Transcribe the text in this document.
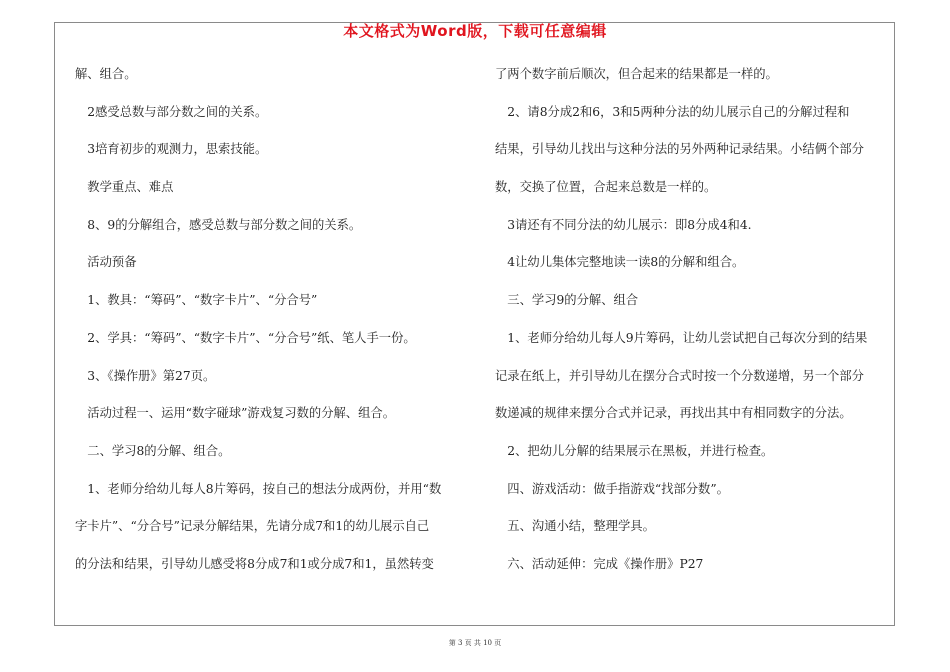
本文格式为Word版，下载可任意编辑
解、组合。
　2感受总数与部分数之间的关系。
　3培育初步的观测力，思索技能。
　教学重点、难点
　8、9的分解组合，感受总数与部分数之间的关系。
　活动预备
　1、教具：“筹码”、“数字卡片”、“分合号”
　2、学具：“筹码”、“数字卡片”、“分合号”纸、笔人手一份。
　3、《操作册》第27页。
　活动过程一、运用“数字碰球”游戏复习数的分解、组合。
　二、学习8的分解、组合。
　1、老师分给幼儿每人8片筹码，按自己的想法分成两份，并用“数
字卡片”、“分合号”记录分解结果，先请分成7和1的幼儿展示自己
的分法和结果，引导幼儿感受将8分成7和1或分成7和1，虽然转变
了两个数字前后顺次，但合起来的结果都是一样的。
　2、请8分成2和6，3和5两种分法的幼儿展示自己的分解过程和
结果，引导幼儿找出与这种分法的另外两种记录结果。小结俩个部分
数，交换了位置，合起来总数是一样的。
　3请还有不同分法的幼儿展示：即8分成4和4.
　4让幼儿集体完整地读一读8的分解和组合。
　三、学习9的分解、组合
　1、老师分给幼儿每人9片筹码，让幼儿尝试把自己每次分到的结果
记录在纸上，并引导幼儿在摆分合式时按一个分数递增，另一个部分
数递减的规律来摆分合式并记录，再找出其中有相同数字的分法。
　2、把幼儿分解的结果展示在黑板，并进行检查。
　四、游戏活动：做手指游戏“找部分数”。
　五、沟通小结，整理学具。
　六、活动延伸：完成《操作册》P27
第 3 页 共 10 页
